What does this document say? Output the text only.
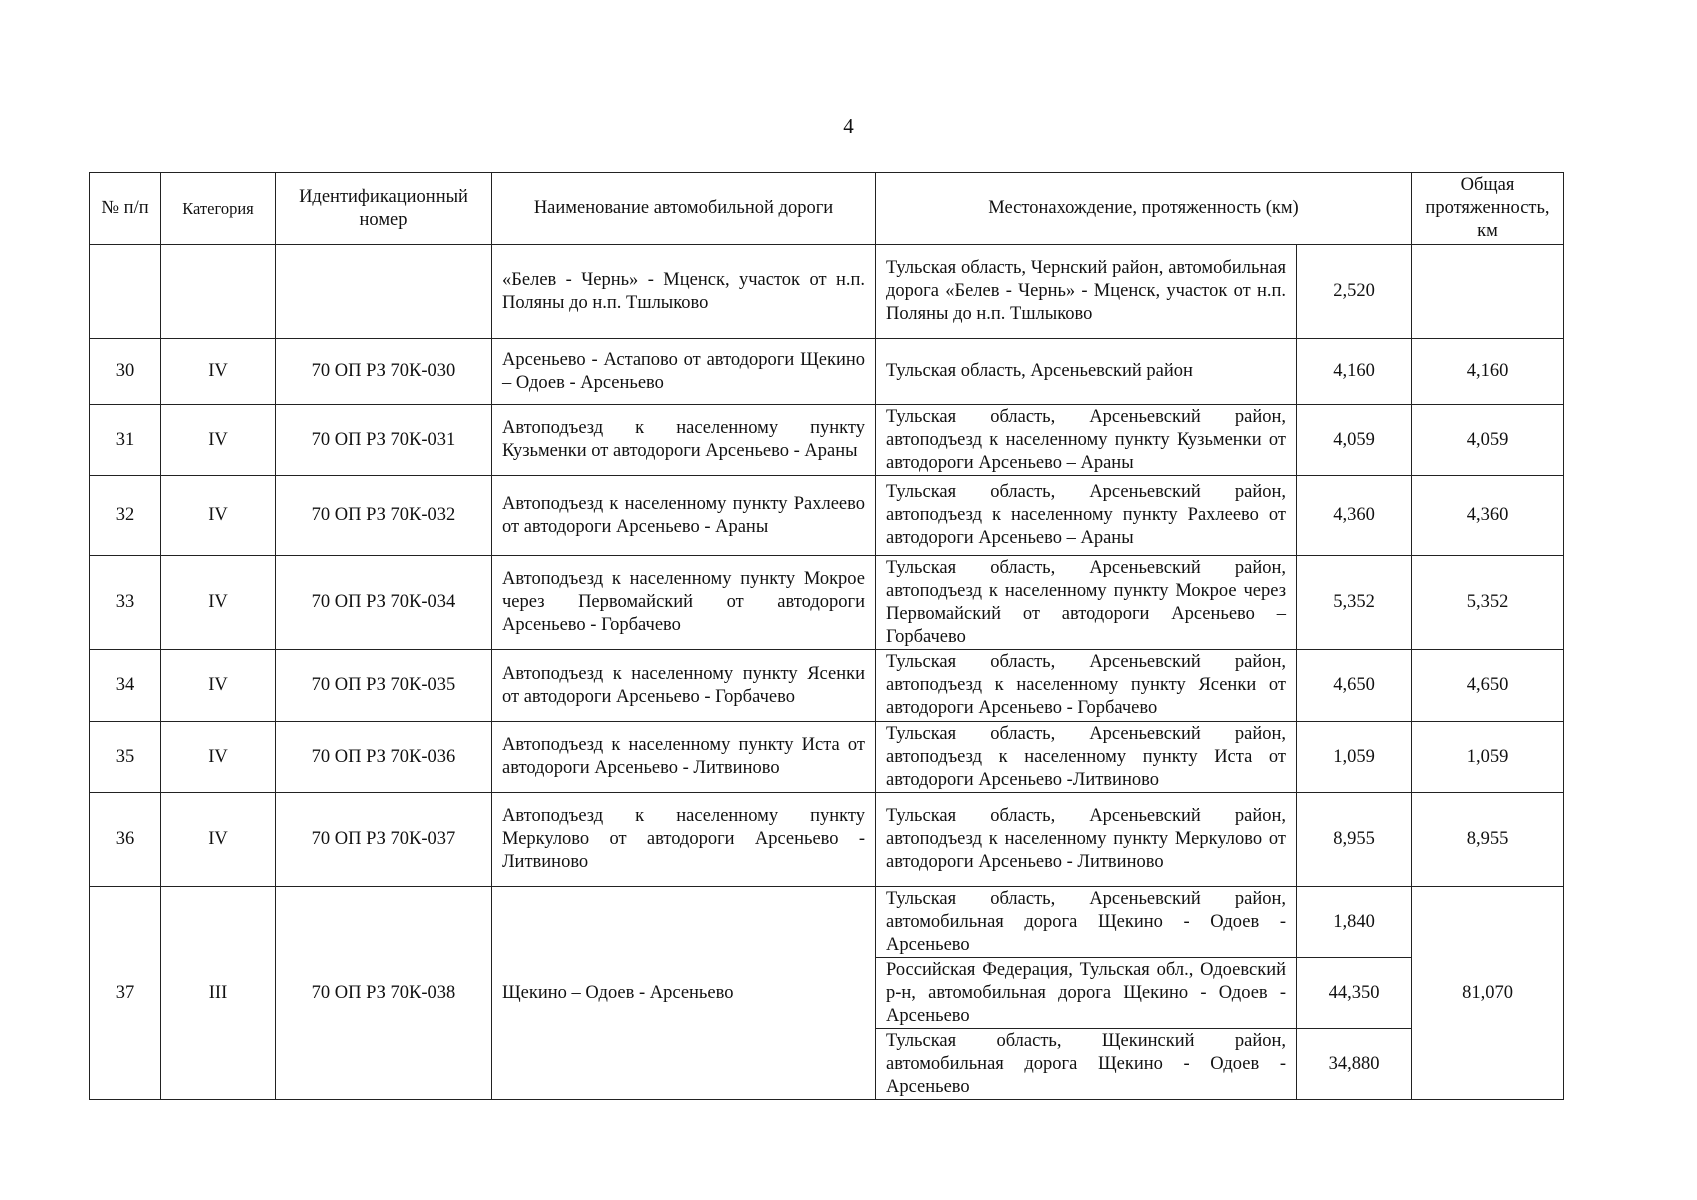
4
№ п/п	Категория	Идентификационный номер	Наименование автомобильной дороги	Местонахождение, протяженность (км)		Общая протяженность, км
			«Белев - Чернь» - Мценск, участок от н.п. Поляны до н.п. Тшлыково	Тульская область, Чернский район, автомобильная дорога «Белев - Чернь» - Мценск, участок от н.п. Поляны до н.п. Тшлыково	2,520	
30	IV	70 ОП РЗ 70К-030	Арсеньево - Астапово от автодороги Щекино – Одоев - Арсеньево	Тульская область, Арсеньевский район	4,160	4,160
31	IV	70 ОП РЗ 70К-031	Автоподъезд к населенному пункту Кузьменки от автодороги Арсеньево - Араны	Тульская область, Арсеньевский район, автоподъезд к населенному пункту Кузьменки от автодороги Арсеньево – Араны	4,059	4,059
32	IV	70 ОП РЗ 70К-032	Автоподъезд к населенному пункту Рахлеево от автодороги Арсеньево - Араны	Тульская область, Арсеньевский район, автоподъезд к населенному пункту Рахлеево от автодороги Арсеньево – Араны	4,360	4,360
33	IV	70 ОП РЗ 70К-034	Автоподъезд к населенному пункту Мокрое через Первомайский от автодороги Арсеньево - Горбачево	Тульская область, Арсеньевский район, автоподъезд к населенному пункту Мокрое через Первомайский от автодороги Арсеньево – Горбачево	5,352	5,352
34	IV	70 ОП РЗ 70К-035	Автоподъезд к населенному пункту Ясенки от автодороги Арсеньево - Горбачево	Тульская область, Арсеньевский район, автоподъезд к населенному пункту Ясенки от автодороги Арсеньево - Горбачево	4,650	4,650
35	IV	70 ОП РЗ 70К-036	Автоподъезд к населенному пункту Иста от автодороги Арсеньево - Литвиново	Тульская область, Арсеньевский район, автоподъезд к населенному пункту Иста от автодороги Арсеньево -Литвиново	1,059	1,059
36	IV	70 ОП РЗ 70К-037	Автоподъезд к населенному пункту Меркулово от автодороги Арсеньево - Литвиново	Тульская область, Арсеньевский район, автоподъезд к населенному пункту Меркулово от автодороги Арсеньево - Литвиново	8,955	8,955
37	III	70 ОП РЗ 70К-038	Щекино – Одоев - Арсеньево	Тульская область, Арсеньевский район, автомобильная дорога Щекино - Одоев - Арсеньево	1,840	81,070
				Российская Федерация, Тульская обл., Одоевский р-н, автомобильная дорога Щекино - Одоев - Арсеньево	44,350	
				Тульская область, Щекинский район, автомобильная дорога Щекино - Одоев - Арсеньево	34,880	
